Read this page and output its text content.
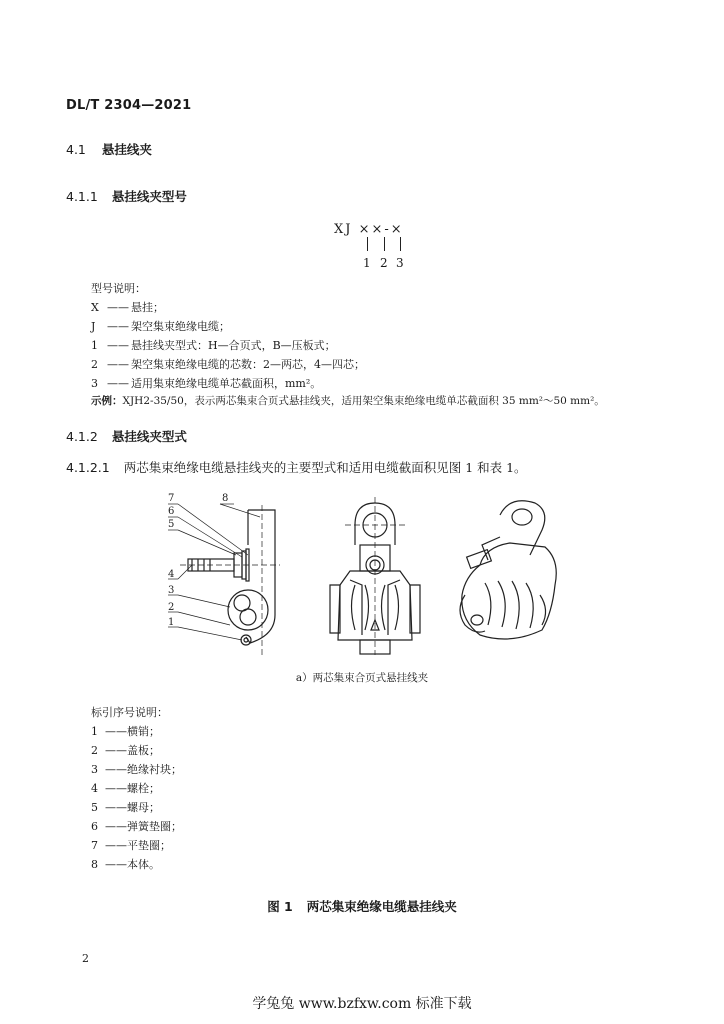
DL/T 2304—2021
4.1 悬挂线夹
4.1.1 悬挂线夹型号
XJ ××-×
1 2 3
型号说明：
X —— 悬挂；
J —— 架空集束绝缘电缆；
1 —— 悬挂线夹型式：H—合页式，B—压板式；
2 —— 架空集束绝缘电缆的芯数：2—两芯，4—四芯；
3 —— 适用集束绝缘电缆单芯截面积，mm²。
示例：XJH2-35/50，表示两芯集束合页式悬挂线夹，适用架空集束绝缘电缆单芯截面积 35 mm²～50 mm²。
4.1.2 悬挂线夹型式
4.1.2.1 两芯集束绝缘电缆悬挂线夹的主要型式和适用电缆截面积见图 1 和表 1。
7	8
6
5
4
3
2
1
a）两芯集束合页式悬挂线夹
标引序号说明：
1 ——横销；
2 ——盖板；
3 ——绝缘衬块；
4 ——螺栓；
5 ——螺母；
6 ——弹簧垫圈；
7 ——平垫圈；
8 ——本体。
图 1 两芯集束绝缘电缆悬挂线夹
2
学兔兔 www.bzfxw.com 标准下载
